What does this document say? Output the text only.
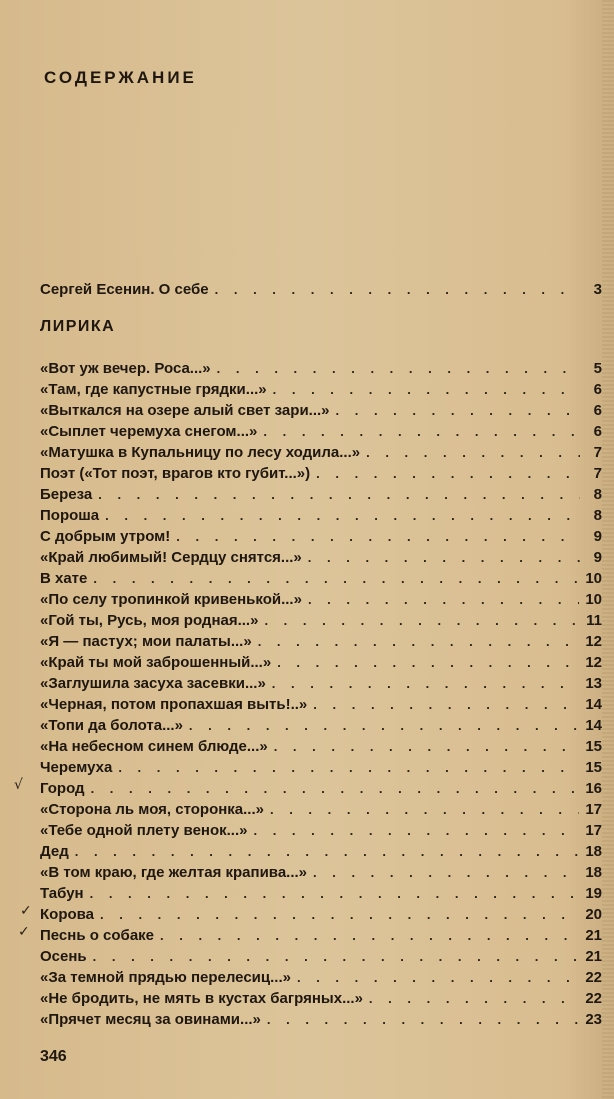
СОДЕРЖАНИЕ
Сергей Есенин. О себе . . .	3
ЛИРИКА
«Вот уж вечер. Роса...» . . .	5
«Там, где капустные грядки...» . . .	6
«Выткался на озере алый свет зари...» . . .	6
«Сыплет черемуха снегом...» . . .	6
«Матушка в Купальницу по лесу ходила...» . . .	7
Поэт («Тот поэт, врагов кто губит...») . . .	7
Береза . . .	8
Пороша . . .	8
С добрым утром! . . .	9
«Край любимый! Сердцу снятся...» . . .	9
В хате . . .	10
«По селу тропинкой кривенькой...» . . .	10
«Гой ты, Русь, моя родная...» . . .	11
«Я — пастух; мои палаты...» . . .	12
«Край ты мой заброшенный...» . . .	12
«Заглушила засуха засевки...» . . .	13
«Черная, потом пропахшая выть!..» . . .	14
«Топи да болота...» . . .	14
«На небесном синем блюде...» . . .	15
Черемуха . . .	15
Город . . .	16
«Сторона ль моя, сторонка...» . . .	17
«Тебе одной плету венок...» . . .	17
Дед . . .	18
«В том краю, где желтая крапива...» . . .	18
Табун . . .	19
Корова . . .	20
Песнь о собаке . . .	21
Осень . . .	21
«За темной прядью перелесиц...» . . .	22
«Не бродить, не мять в кустах багряных...» . . .	22
«Прячет месяц за овинами...» . . .	23
√
✓
✓
346
